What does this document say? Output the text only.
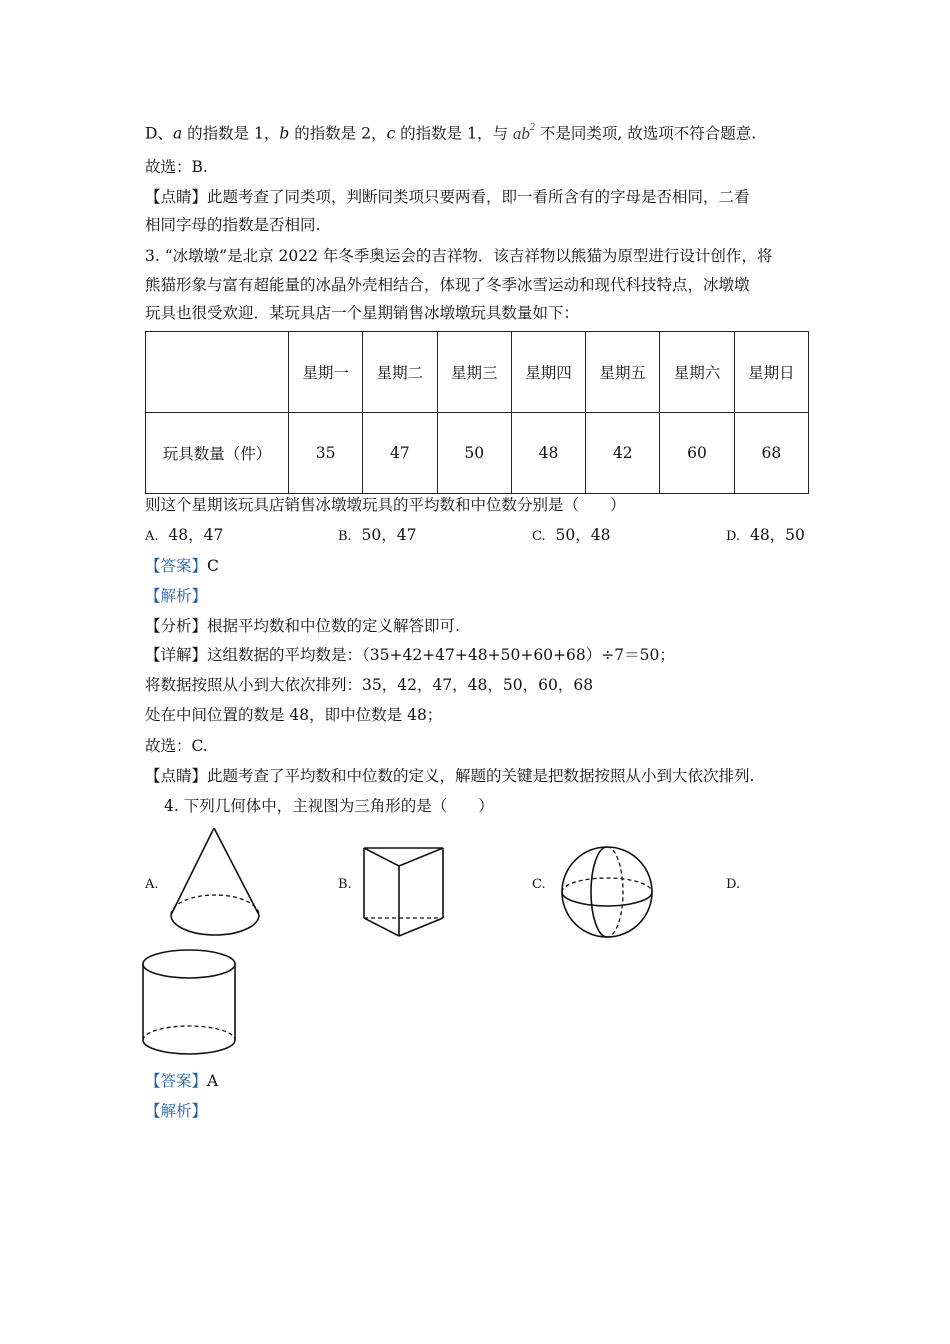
D、a 的指数是 1，b 的指数是 2，c 的指数是 1，与 $ab^2$ 不是同类项, 故选项不符合题意.
故选：B.
【点睛】此题考查了同类项，判断同类项只要两看，即一看所含有的字母是否相同，二看
相同字母的指数是否相同.
3. “冰墩墩”是北京 2022 年冬季奥运会的吉祥物．该吉祥物以熊猫为原型进行设计创作，将
熊猫形象与富有超能量的冰晶外壳相结合，体现了冬季冰雪运动和现代科技特点，冰墩墩
玩具也很受欢迎．某玩具店一个星期销售冰墩墩玩具数量如下：
	星期一	星期二	星期三	星期四	星期五	星期六	星期日
玩具数量（件）	35	47	50	48	42	60	68
则这个星期该玩具店销售冰墩墩玩具的平均数和中位数分别是（　　）
A. 48，47	B. 50，47	C. 50，48	D. 48，50
【答案】C
【解析】
【分析】根据平均数和中位数的定义解答即可.
【详解】这组数据的平均数是：（35+42+47+48+50+60+68）÷7＝50；
将数据按照从小到大依次排列：35，42，47，48，50，60，68
处在中间位置的数是 48，即中位数是 48；
故选：C.
【点睛】此题考查了平均数和中位数的定义，解题的关键是把数据按照从小到大依次排列.
4. 下列几何体中，主视图为三角形的是（　　）
A.	B.	C.	D.
【答案】A
【解析】
